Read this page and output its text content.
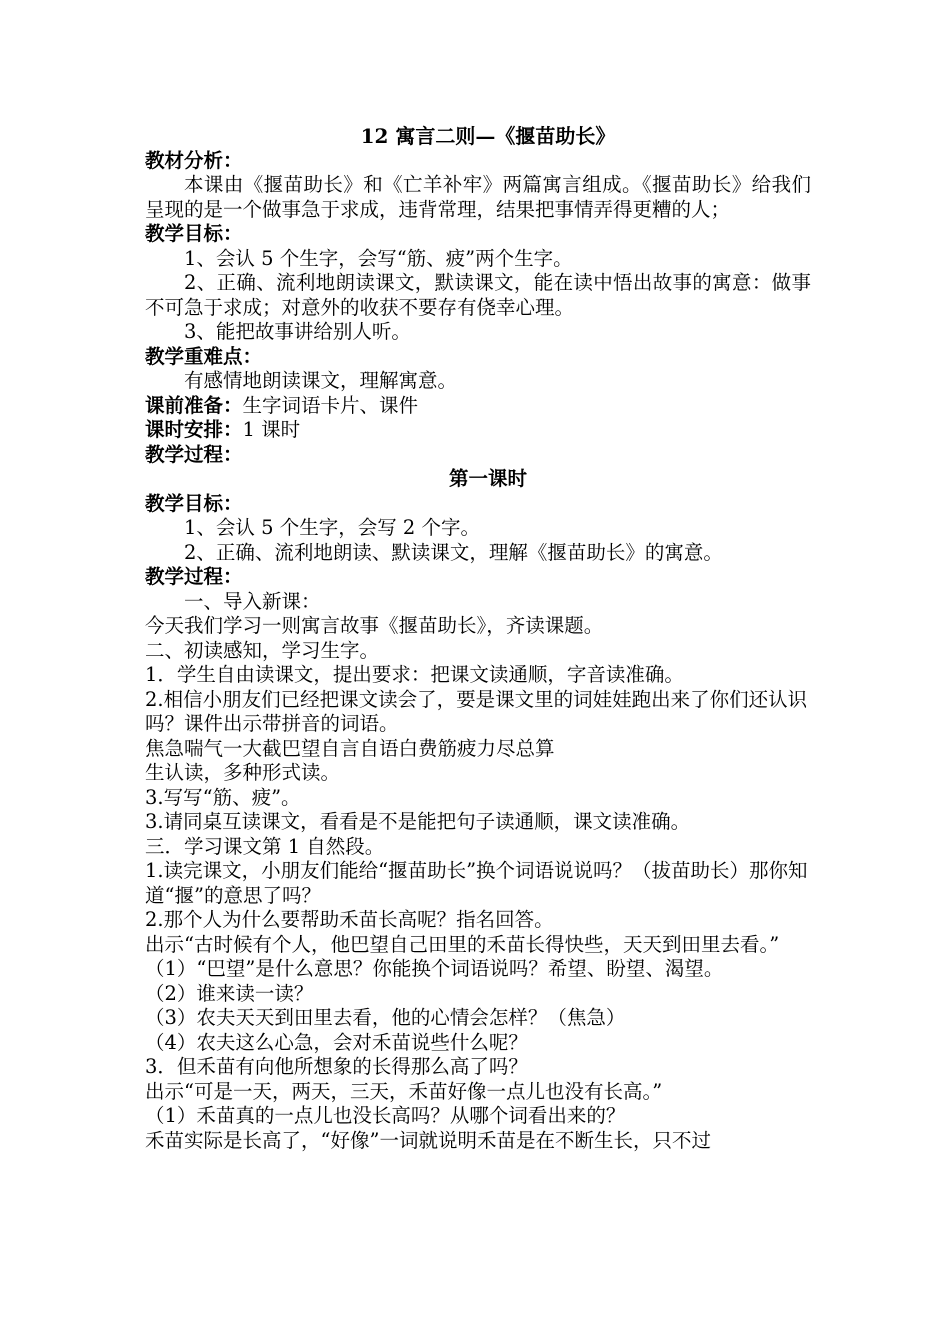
12 寓言二则—《揠苗助长》
教材分析：
本课由《揠苗助长》和《亡羊补牢》两篇寓言组成。《揠苗助长》给我们呈现的是一个做事急于求成，违背常理，结果把事情弄得更糟的人；
教学目标：
1、会认 5 个生字，会写“筋、疲”两个生字。
2、正确、流利地朗读课文，默读课文，能在读中悟出故事的寓意：做事不可急于求成；对意外的收获不要存有侥幸心理。
3、能把故事讲给别人听。
教学重难点：
有感情地朗读课文，理解寓意。
课前准备：生字词语卡片、课件
课时安排：1 课时
教学过程：
第一课时
教学目标：
1、会认 5 个生字，会写 2 个字。
2、正确、流利地朗读、默读课文，理解《揠苗助长》的寓意。
教学过程：
一、导入新课：
今天我们学习一则寓言故事《揠苗助长》，齐读课题。
二、初读感知，学习生字。
1．学生自由读课文，提出要求：把课文读通顺，字音读准确。
2.相信小朋友们已经把课文读会了，要是课文里的词娃娃跑出来了你们还认识吗？课件出示带拼音的词语。
焦急喘气一大截巴望自言自语白费筋疲力尽总算
生认读，多种形式读。
3.写写“筋、疲”。
3.请同桌互读课文，看看是不是能把句子读通顺，课文读准确。
三．学习课文第 1 自然段。
1.读完课文，小朋友们能给“揠苗助长”换个词语说说吗？（拔苗助长）那你知道“揠”的意思了吗？
2.那个人为什么要帮助禾苗长高呢？指名回答。
出示“古时候有个人，他巴望自己田里的禾苗长得快些，天天到田里去看。”
（1）“巴望”是什么意思？你能换个词语说吗？希望、盼望、渴望。
（2）谁来读一读？
（3）农夫天天到田里去看，他的心情会怎样？（焦急）
（4）农夫这么心急，会对禾苗说些什么呢？
3．但禾苗有向他所想象的长得那么高了吗？
出示“可是一天，两天，三天，禾苗好像一点儿也没有长高。”
（1）禾苗真的一点儿也没长高吗？从哪个词看出来的？
禾苗实际是长高了，“好像”一词就说明禾苗是在不断生长，只不过
